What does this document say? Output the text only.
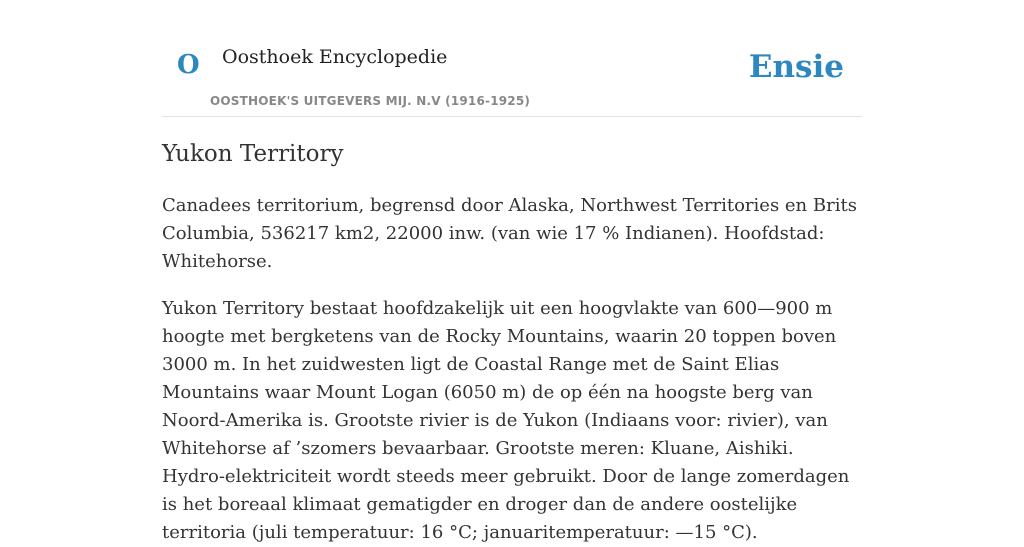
O Oosthoek Encyclopedie
OOSTHOEK'S UITGEVERS MIJ. N.V (1916-1925)
Ensie
Yukon Territory

Canadees territorium, begrensd door Alaska, Northwest Territories en Brits Columbia, 536217 km2, 22000 inw. (van wie 17 % Indianen). Hoofdstad: Whitehorse.

Yukon Territory bestaat hoofdzakelijk uit een hoogvlakte van 600—900 m hoogte met bergketens van de Rocky Mountains, waarin 20 toppen boven 3000 m. In het zuidwesten ligt de Coastal Range met de Saint Elias Mountains waar Mount Logan (6050 m) de op één na hoogste berg van Noord-Amerika is. Grootste rivier is de Yukon (Indiaans voor: rivier), van Whitehorse af ’szomers bevaarbaar. Grootste meren: Kluane, Aishiki. Hydro-elektriciteit wordt steeds meer gebruikt. Door de lange zomerdagen is het boreaal klimaat gematigder en droger dan de andere oostelijke territoria (juli temperatuur: 16 °C; januaritemperatuur: —15 °C).
